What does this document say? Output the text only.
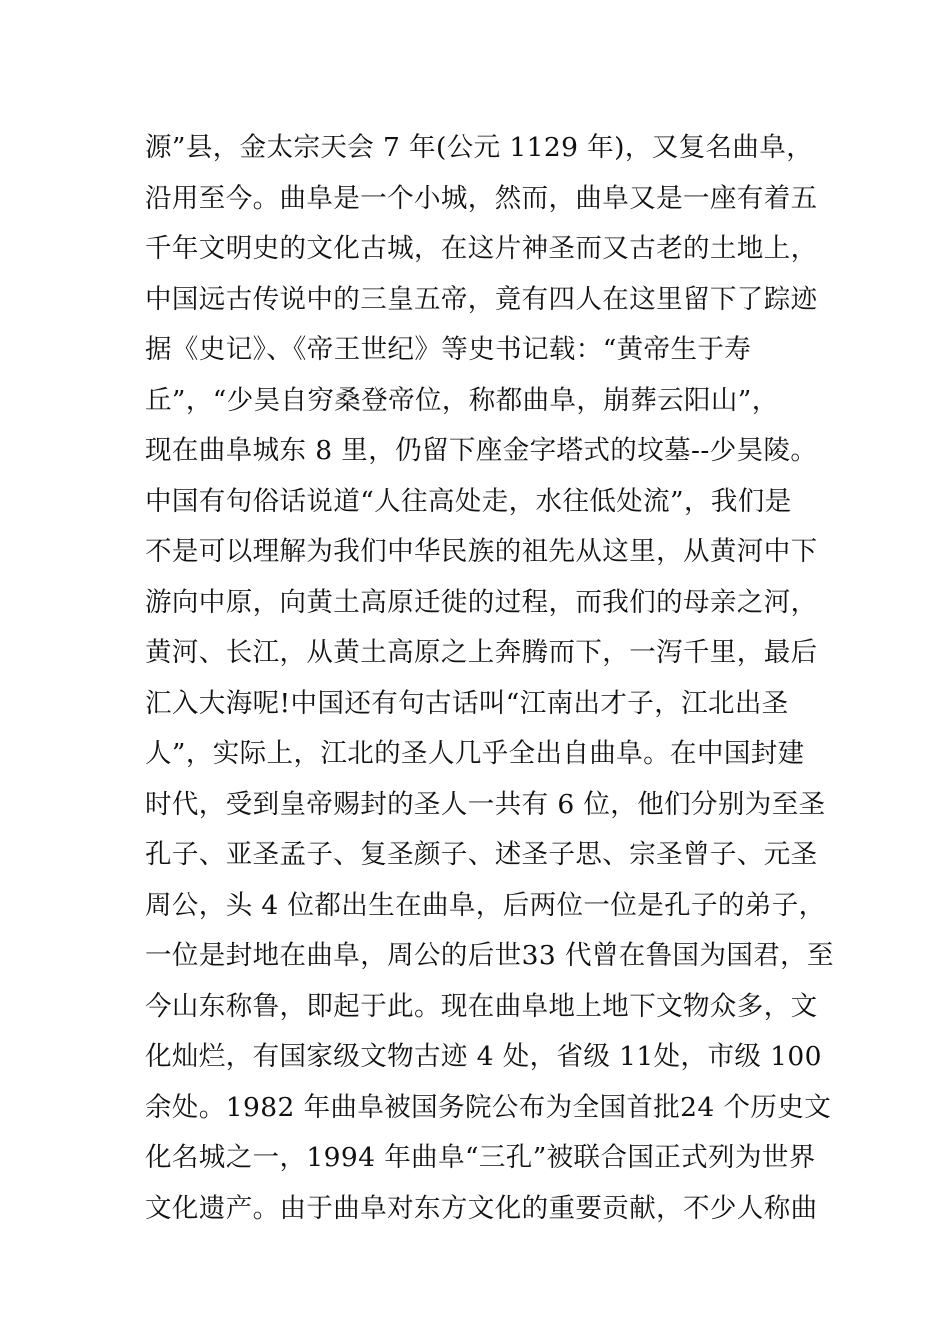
源”县，金太宗天会 7 年(公元 1129 年)，又复名曲阜，
沿用至今。曲阜是一个小城，然而，曲阜又是一座有着五
千年文明史的文化古城，在这片神圣而又古老的土地上，
中国远古传说中的三皇五帝，竟有四人在这里留下了踪迹
据《史记》、《帝王世纪》等史书记载：“黄帝生于寿
丘”，“少昊自穷桑登帝位，称都曲阜，崩葬云阳山”，
现在曲阜城东 8 里，仍留下座金字塔式的坟墓--少昊陵。
中国有句俗话说道“人往高处走，水往低处流”，我们是
不是可以理解为我们中华民族的祖先从这里，从黄河中下
游向中原，向黄土高原迁徙的过程，而我们的母亲之河，
黄河、长江，从黄土高原之上奔腾而下，一泻千里，最后
汇入大海呢!中国还有句古话叫“江南出才子，江北出圣
人”，实际上，江北的圣人几乎全出自曲阜。在中国封建
时代，受到皇帝赐封的圣人一共有 6 位，他们分别为至圣
孔子、亚圣孟子、复圣颜子、述圣子思、宗圣曾子、元圣
周公，头 4 位都出生在曲阜，后两位一位是孔子的弟子，
一位是封地在曲阜，周公的后世33 代曾在鲁国为国君，至
今山东称鲁，即起于此。现在曲阜地上地下文物众多，文
化灿烂，有国家级文物古迹 4 处，省级 11处，市级 100
余处。1982 年曲阜被国务院公布为全国首批24 个历史文
化名城之一，1994 年曲阜“三孔”被联合国正式列为世界
文化遗产。由于曲阜对东方文化的重要贡献，不少人称曲
